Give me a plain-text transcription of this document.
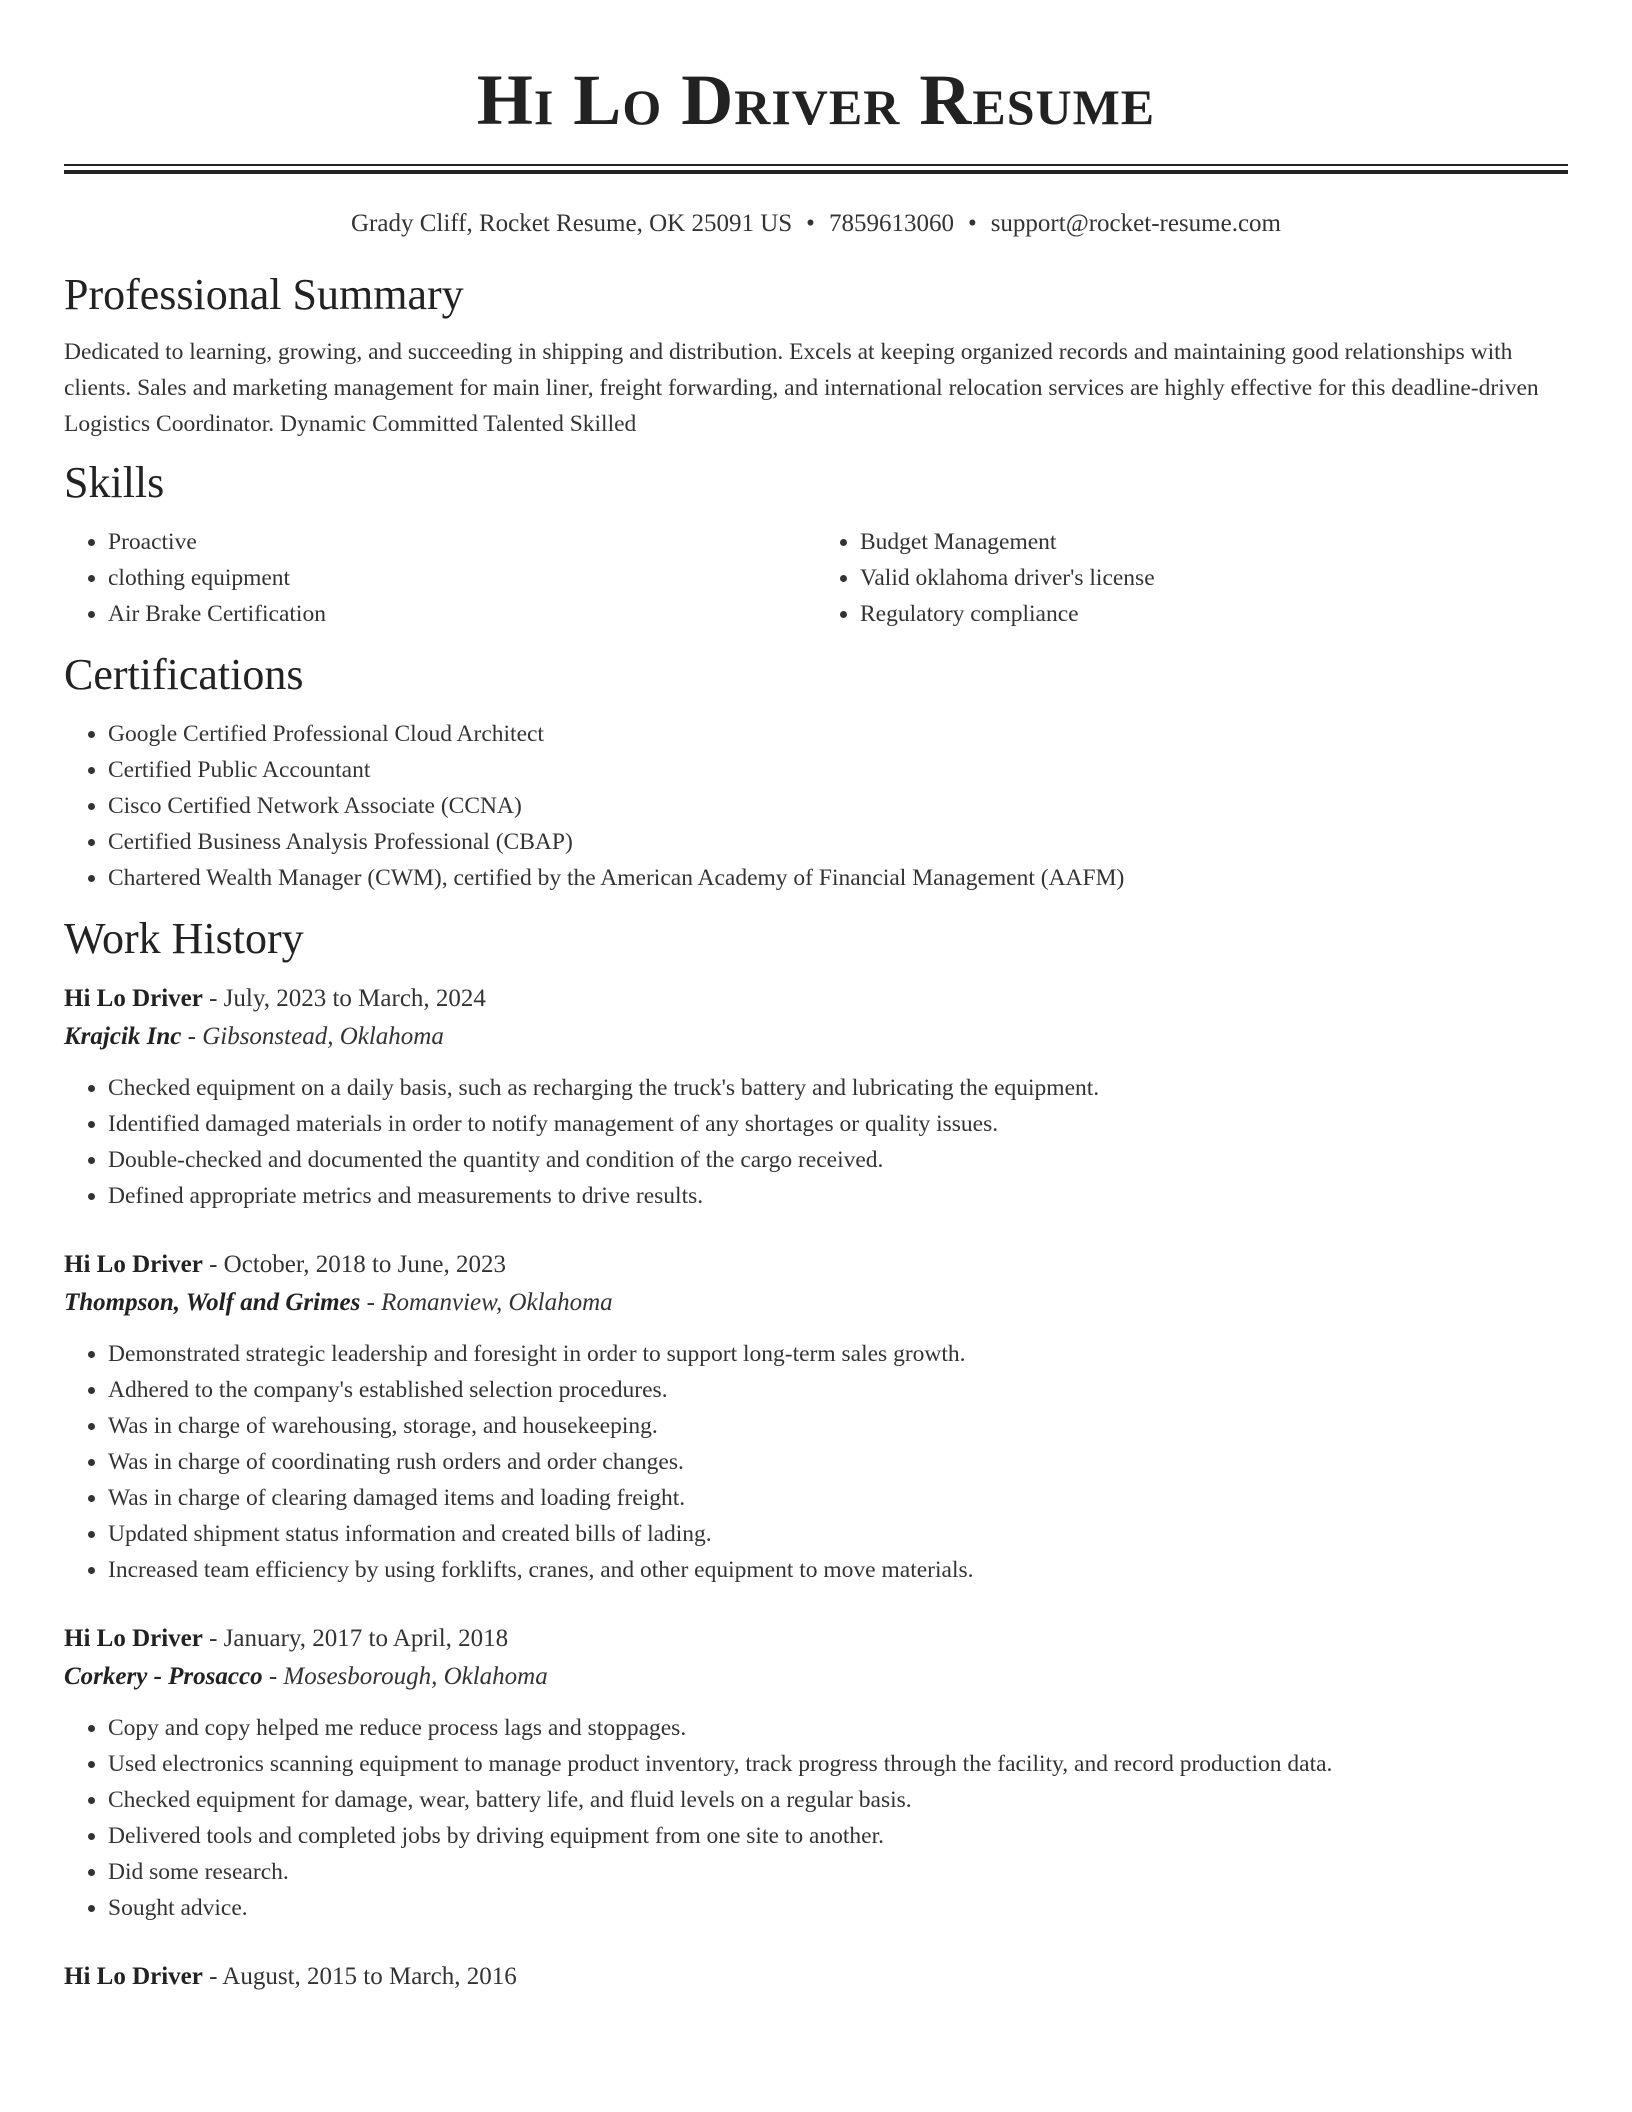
Hi Lo Driver Resume
Grady Cliff, Rocket Resume, OK 25091 US • 7859613060 • support@rocket-resume.com
Professional Summary

Dedicated to learning, growing, and succeeding in shipping and distribution. Excels at keeping organized records and maintaining good relationships with clients. Sales and marketing management for main liner, freight forwarding, and international relocation services are highly effective for this deadline-driven Logistics Coordinator. Dynamic Committed Talented Skilled

Skills
• Proactive
• clothing equipment
• Air Brake Certification
• Budget Management
• Valid oklahoma driver's license
• Regulatory compliance
Certifications
• Google Certified Professional Cloud Architect
• Certified Public Accountant
• Cisco Certified Network Associate (CCNA)
• Certified Business Analysis Professional (CBAP)
• Chartered Wealth Manager (CWM), certified by the American Academy of Financial Management (AAFM)
Work History
Hi Lo Driver - July, 2023 to March, 2024
Krajcik Inc - Gibsonstead, Oklahoma
• Checked equipment on a daily basis, such as recharging the truck's battery and lubricating the equipment.
• Identified damaged materials in order to notify management of any shortages or quality issues.
• Double-checked and documented the quantity and condition of the cargo received.
• Defined appropriate metrics and measurements to drive results.
Hi Lo Driver - October, 2018 to June, 2023
Thompson, Wolf and Grimes - Romanview, Oklahoma
• Demonstrated strategic leadership and foresight in order to support long-term sales growth.
• Adhered to the company's established selection procedures.
• Was in charge of warehousing, storage, and housekeeping.
• Was in charge of coordinating rush orders and order changes.
• Was in charge of clearing damaged items and loading freight.
• Updated shipment status information and created bills of lading.
• Increased team efficiency by using forklifts, cranes, and other equipment to move materials.
Hi Lo Driver - January, 2017 to April, 2018
Corkery - Prosacco - Mosesborough, Oklahoma
• Copy and copy helped me reduce process lags and stoppages.
• Used electronics scanning equipment to manage product inventory, track progress through the facility, and record production data.
• Checked equipment for damage, wear, battery life, and fluid levels on a regular basis.
• Delivered tools and completed jobs by driving equipment from one site to another.
• Did some research.
• Sought advice.
Hi Lo Driver - August, 2015 to March, 2016
